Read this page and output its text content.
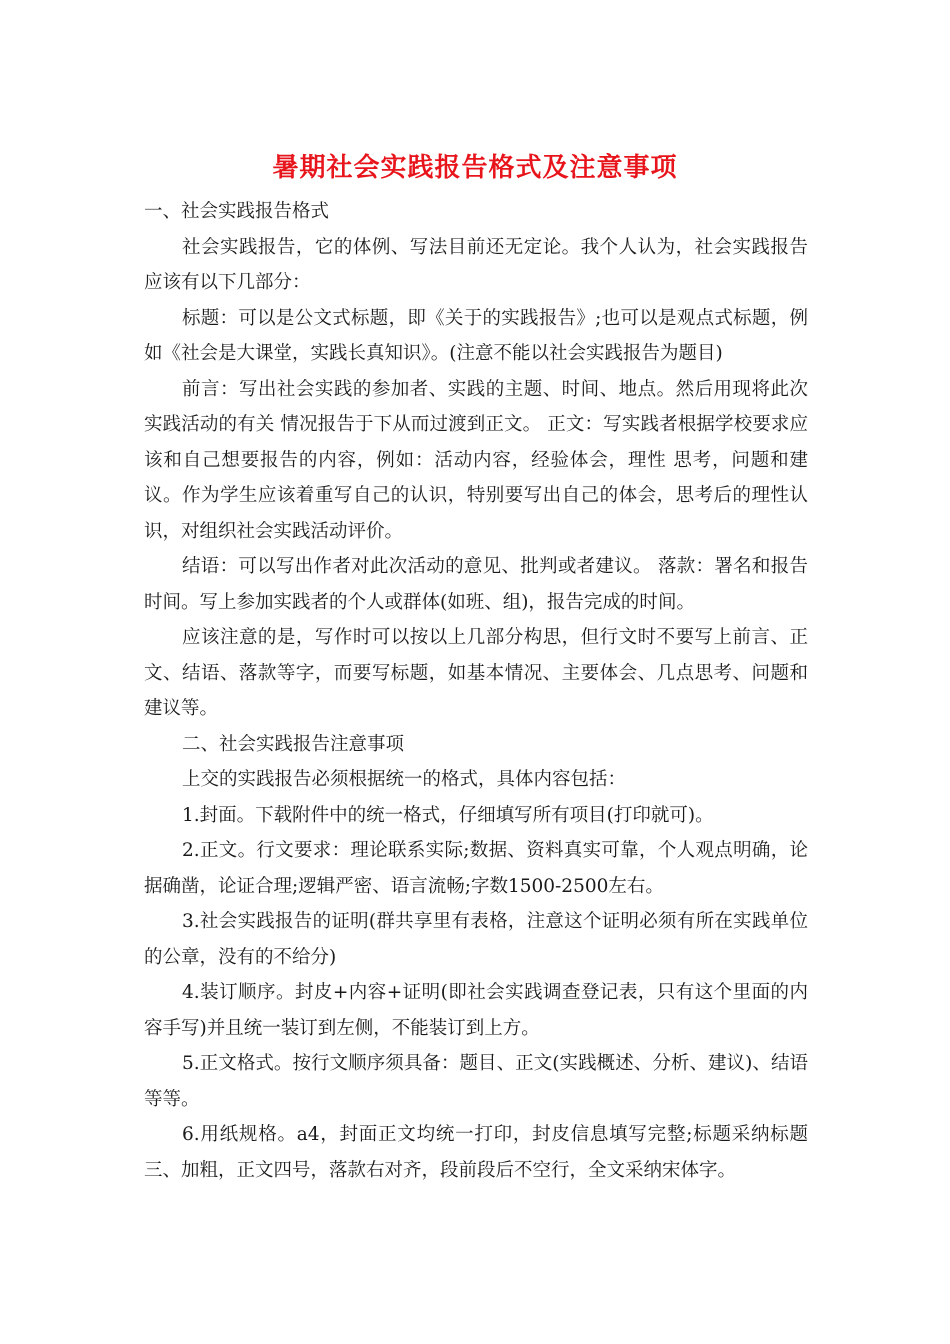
暑期社会实践报告格式及注意事项

一、社会实践报告格式

社会实践报告，它的体例、写法目前还无定论。我个人认为，社会实践报告应该有以下几部分：

标题：可以是公文式标题，即《关于的实践报告》;也可以是观点式标题，例如《社会是大课堂，实践长真知识》。(注意不能以社会实践报告为题目)

前言：写出社会实践的参加者、实践的主题、时间、地点。然后用现将此次实践活动的有关 情况报告于下从而过渡到正文。 正文：写实践者根据学校要求应该和自己想要报告的内容，例如：活动内容，经验体会，理性 思考，问题和建议。作为学生应该着重写自己的认识，特别要写出自己的体会，思考后的理性认识，对组织社会实践活动评价。

结语：可以写出作者对此次活动的意见、批判或者建议。 落款：署名和报告时间。写上参加实践者的个人或群体(如班、组)，报告完成的时间。

应该注意的是，写作时可以按以上几部分构思，但行文时不要写上前言、正文、结语、落款等字，而要写标题，如基本情况、主要体会、几点思考、问题和建议等。

二、社会实践报告注意事项

上交的实践报告必须根据统一的格式，具体内容包括：

1.封面。下载附件中的统一格式，仔细填写所有项目(打印就可)。

2.正文。行文要求：理论联系实际;数据、资料真实可靠，个人观点明确，论据确凿，论证合理;逻辑严密、语言流畅;字数1500-2500左右。

3.社会实践报告的证明(群共享里有表格，注意这个证明必须有所在实践单位的公章，没有的不给分)

4.装订顺序。封皮+内容+证明(即社会实践调查登记表，只有这个里面的内容手写)并且统一装订到左侧，不能装订到上方。

5.正文格式。按行文顺序须具备：题目、正文(实践概述、分析、建议)、结语等等。

6.用纸规格。a4，封面正文均统一打印，封皮信息填写完整;标题采纳标题三、加粗，正文四号，落款右对齐，段前段后不空行，全文采纳宋体字。
